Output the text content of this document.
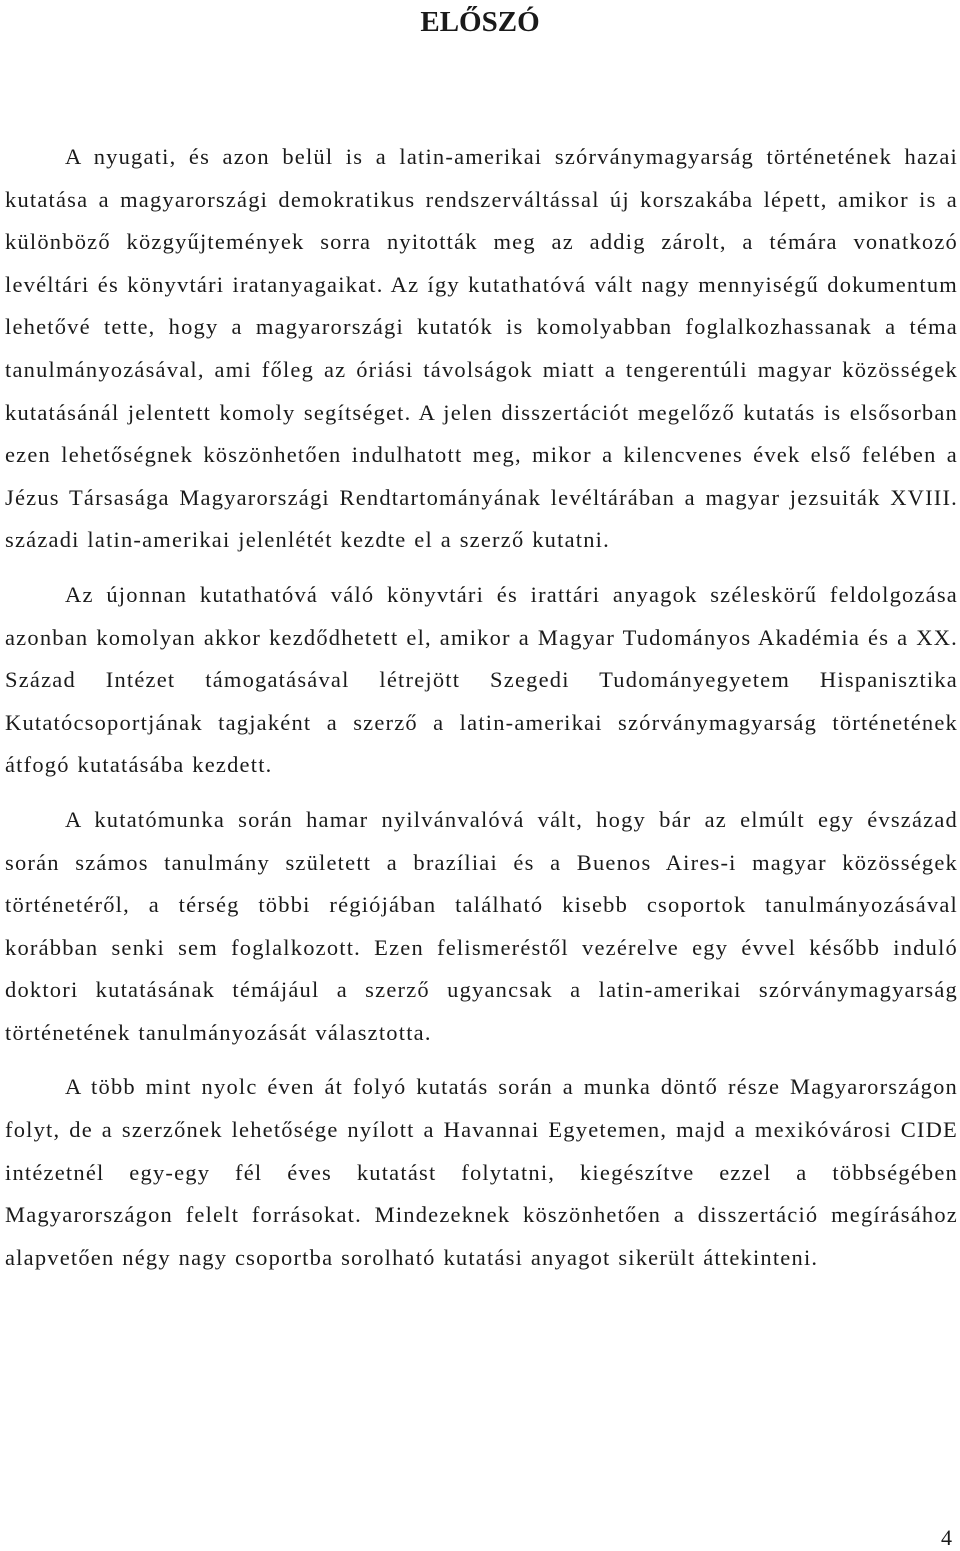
ELŐSZÓ

A nyugati, és azon belül is a latin-amerikai szórványmagyarság történetének hazai kutatása a magyarországi demokratikus rendszerváltással új korszakába lépett, amikor is a különböző közgyűjtemények sorra nyitották meg az addig zárolt, a témára vonatkozó levéltári és könyvtári iratanyagaikat. Az így kutathatóvá vált nagy mennyiségű dokumentum lehetővé tette, hogy a magyarországi kutatók is komolyabban foglalkozhassanak a téma tanulmányozásával, ami főleg az óriási távolságok miatt a tengerentúli magyar közösségek kutatásánál jelentett komoly segítséget. A jelen disszertációt megelőző kutatás is elsősorban ezen lehetőségnek köszönhetően indulhatott meg, mikor a kilencvenes évek első felében a Jézus Társasága Magyarországi Rendtartományának levéltárában a magyar jezsuiták XVIII. századi latin-amerikai jelenlétét kezdte el a szerző kutatni.

Az újonnan kutathatóvá váló könyvtári és irattári anyagok széleskörű feldolgozása azonban komolyan akkor kezdődhetett el, amikor a Magyar Tudományos Akadémia és a XX. Század Intézet támogatásával létrejött Szegedi Tudományegyetem Hispanisztika Kutatócsoportjának tagjaként a szerző a latin-amerikai szórványmagyarság történetének átfogó kutatásába kezdett.

A kutatómunka során hamar nyilvánvalóvá vált, hogy bár az elmúlt egy évszázad során számos tanulmány született a brazíliai és a Buenos Aires-i magyar közösségek történetéről, a térség többi régiójában található kisebb csoportok tanulmányozásával korábban senki sem foglalkozott. Ezen felismeréstől vezérelve egy évvel később induló doktori kutatásának témájául a szerző ugyancsak a latin-amerikai szórványmagyarság történetének tanulmányozását választotta.

A több mint nyolc éven át folyó kutatás során a munka döntő része Magyarországon folyt, de a szerzőnek lehetősége nyílott a Havannai Egyetemen, majd a mexikóvárosi CIDE intézetnél egy-egy fél éves kutatást folytatni, kiegészítve ezzel a többségében Magyarországon felelt forrásokat. Mindezeknek köszönhetően a disszertáció megírásához alapvetően négy nagy csoportba sorolható kutatási anyagot sikerült áttekinteni.

4
